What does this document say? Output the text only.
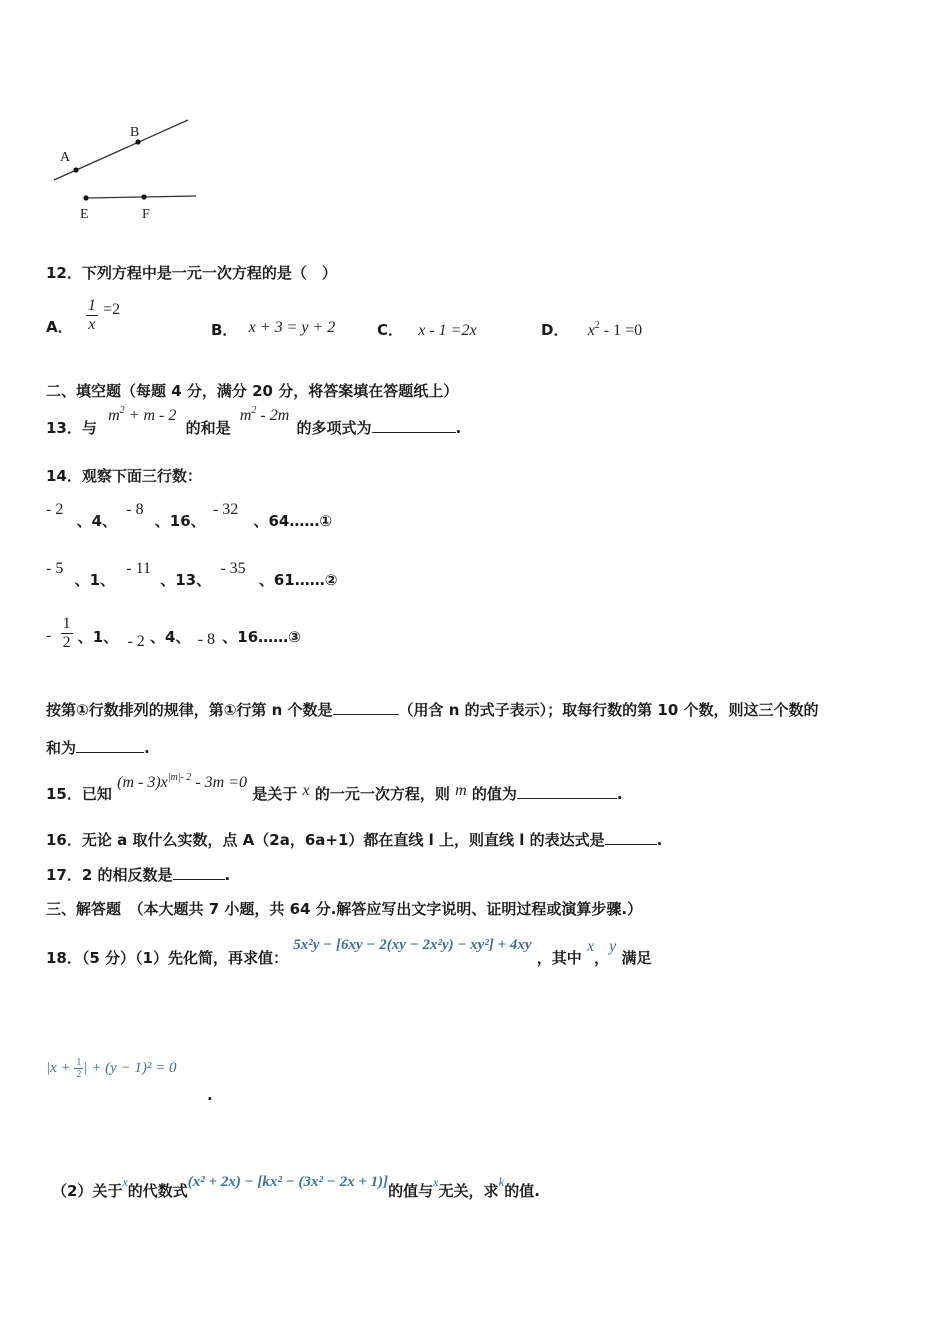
A
B
E	F
12．下列方程中是一元一次方程的是（　）
A． $\frac{1}{x} =2$
B． x + 3 = y + 2	C． x - 1 =2x	D． $x^2 - 1 =0$
二、填空题（每题 4 分，满分 20 分，将答案填在答题纸上）
13．与 $m^2 + m - 2$ 的和是 $m^2 - 2m$ 的多项式为	.
14．观察下面三行数：
- 2 、4、 - 8 、16、 - 32 、64……①
- 5 、1、 - 11 、13、 - 35 、61……②
- $\frac{1}{2}$ 、1、 - 2 、4、 - 8 、16……③
按第①行数排列的规律，第①行第 n 个数是	（用含 n 的式子表示）；取每行数的第 10 个数，则这三个数的
和为	.
15．已知 $(m - 3)x^{|m|- 2} - 3m =0$ 是关于 x 的一元一次方程，则 m 的值为	.
16．无论 a 取什么实数，点 A（2a，6a+1）都在直线 l 上，则直线 l 的表达式是	.
17．2 的相反数是	.
三、解答题　（本大题共 7 小题，共 64 分.解答应写出文字说明、证明过程或演算步骤.）
18．（5 分）（1）先化简，再求值： 5x²y − [6xy − 2(xy − 2x²y) − xy²] + 4xy ，其中 x，y 满足
$|x + \frac{1}{2}$ | + (y − 1)² = 0
.
（2）关于x的代数式(x² + 2x) − [kx² − (3x² − 2x + 1)]的值与x无关，求k的值.
